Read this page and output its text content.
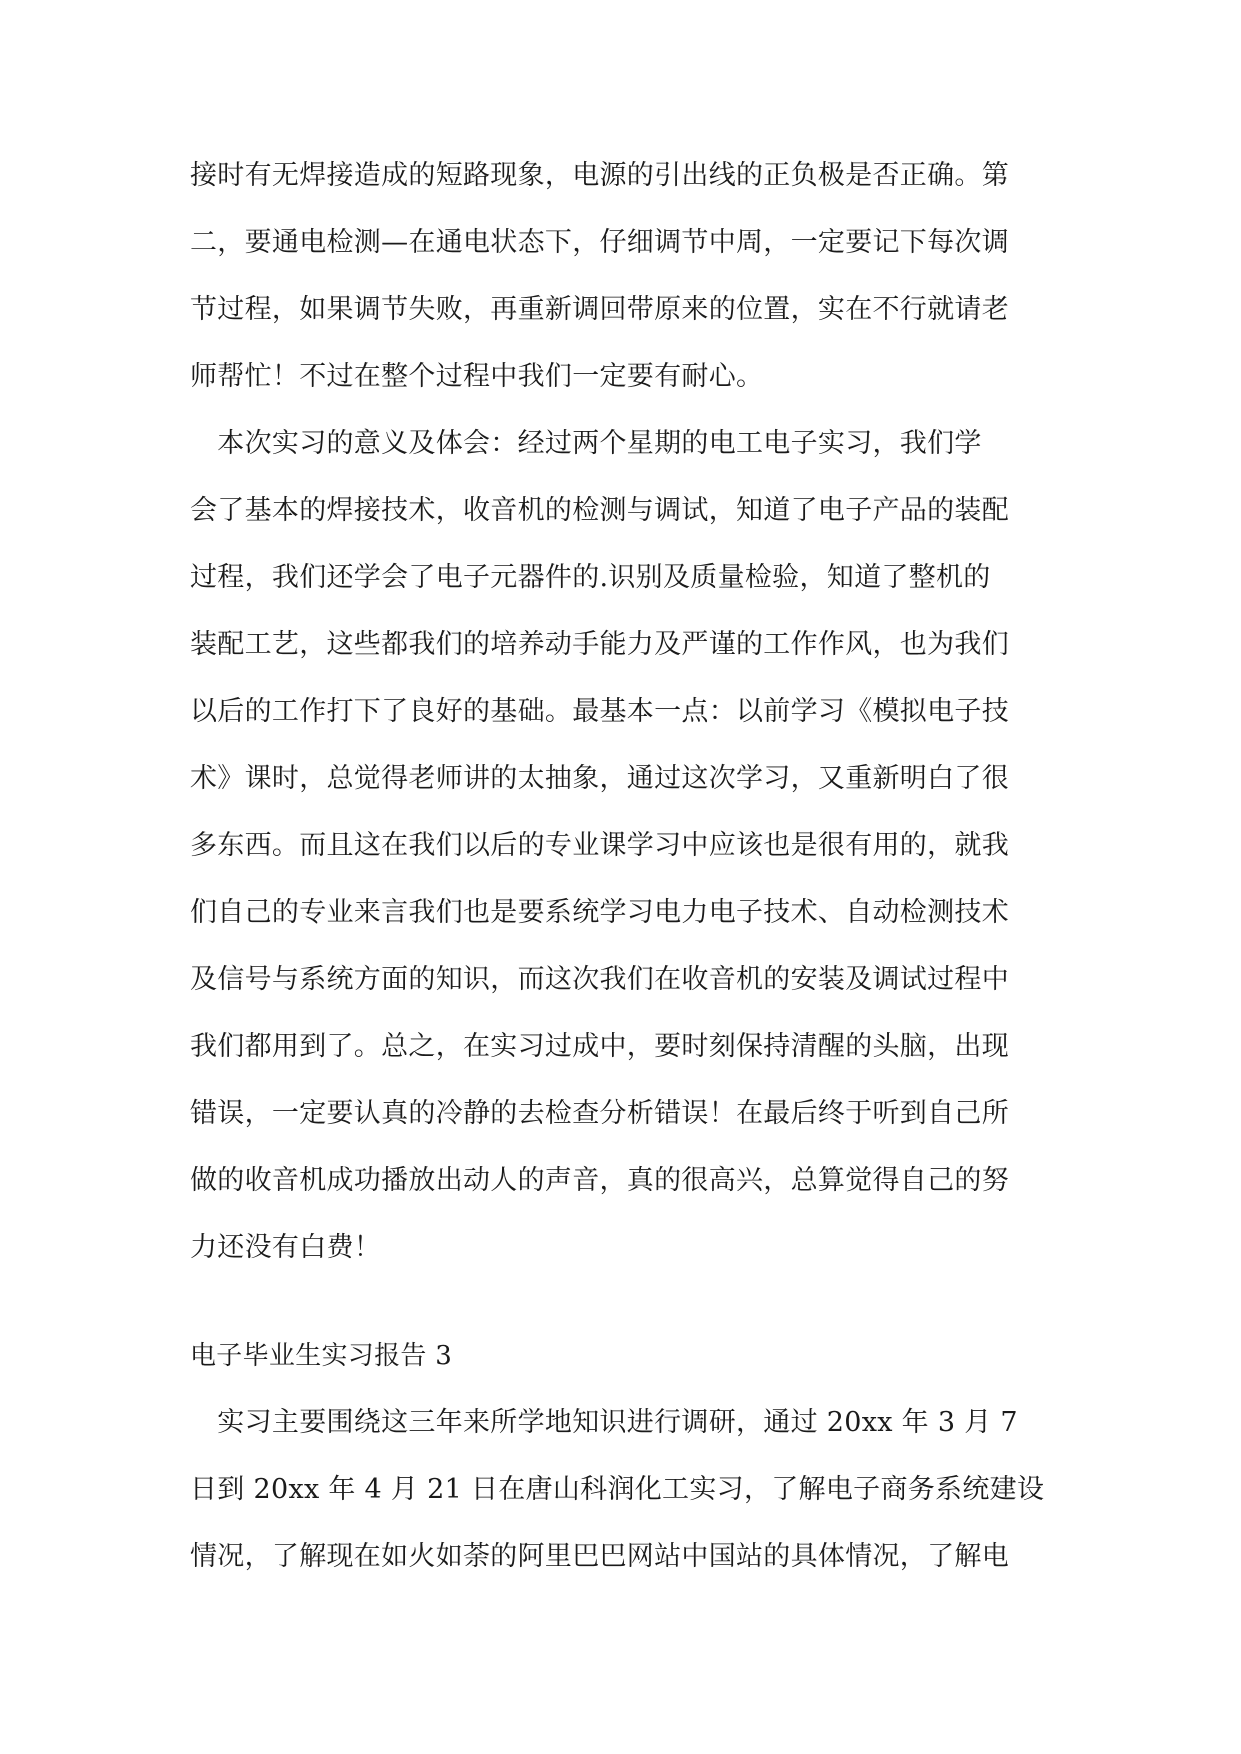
接时有无焊接造成的短路现象，电源的引出线的正负极是否正确。第
二，要通电检测—在通电状态下，仔细调节中周，一定要记下每次调
节过程，如果调节失败，再重新调回带原来的位置，实在不行就请老
师帮忙！不过在整个过程中我们一定要有耐心。
　本次实习的意义及体会：经过两个星期的电工电子实习，我们学
会了基本的焊接技术，收音机的检测与调试，知道了电子产品的装配
过程，我们还学会了电子元器件的.识别及质量检验，知道了整机的
装配工艺，这些都我们的培养动手能力及严谨的工作作风，也为我们
以后的工作打下了良好的基础。最基本一点：以前学习《模拟电子技
术》课时，总觉得老师讲的太抽象，通过这次学习，又重新明白了很
多东西。而且这在我们以后的专业课学习中应该也是很有用的，就我
们自己的专业来言我们也是要系统学习电力电子技术、自动检测技术
及信号与系统方面的知识，而这次我们在收音机的安装及调试过程中
我们都用到了。总之，在实习过成中，要时刻保持清醒的头脑，出现
错误，一定要认真的冷静的去检查分析错误！在最后终于听到自己所
做的收音机成功播放出动人的声音，真的很高兴，总算觉得自己的努
力还没有白费！
电子毕业生实习报告 3
　实习主要围绕这三年来所学地知识进行调研，通过 20xx 年 3 月 7
日到 20xx 年 4 月 21 日在唐山科润化工实习，了解电子商务系统建设
情况，了解现在如火如荼的阿里巴巴网站中国站的具体情况，了解电
